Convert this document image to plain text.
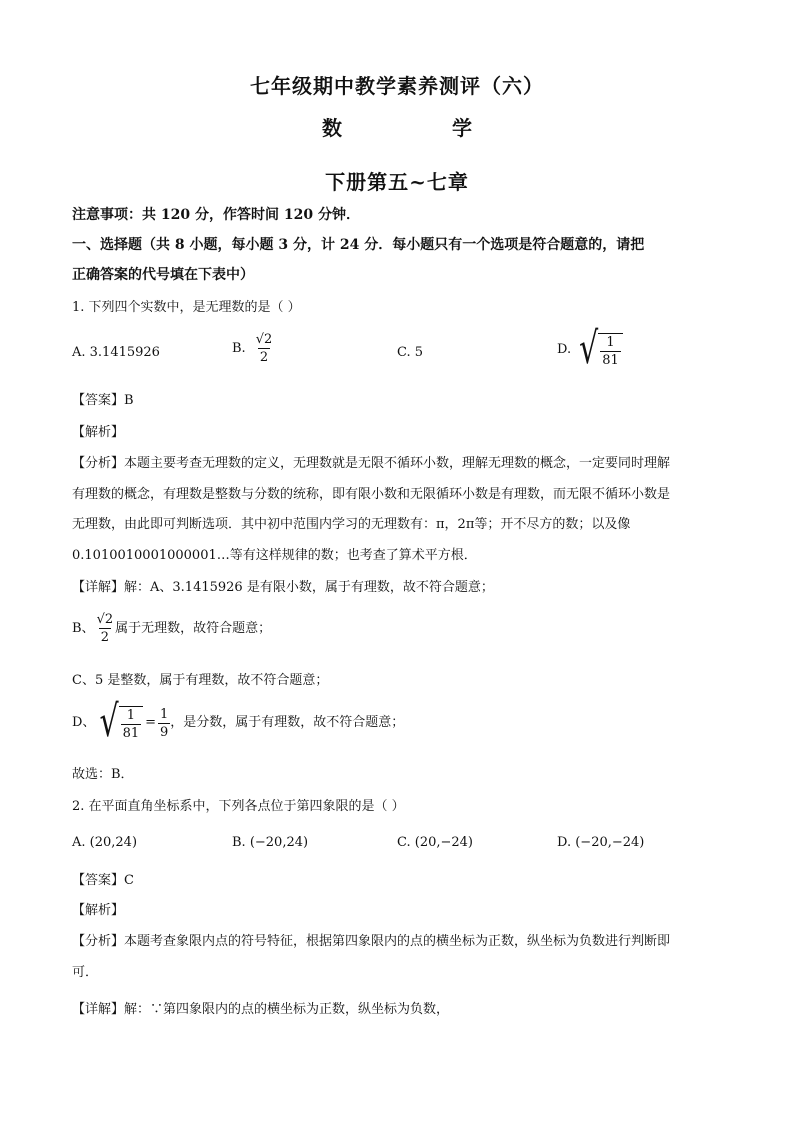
七年级期中教学素养测评（六）
数	学
下册第五~七章
注意事项：共 120 分，作答时间 120 分钟．
一、选择题（共 8 小题，每小题 3 分，计 24 分．每小题只有一个选项是符合题意的，请把
正确答案的代号填在下表中）
1. 下列四个实数中，是无理数的是（ ）
A. 3.1415926	B. $\frac{√2}{2}$	C. 5	D. √ $\frac{1}{81}$
【答案】B
【解析】
【分析】本题主要考查无理数的定义，无理数就是无限不循环小数，理解无理数的概念，一定要同时理解
有理数的概念，有理数是整数与分数的统称，即有限小数和无限循环小数是有理数，而无限不循环小数是
无理数，由此即可判断选项．其中初中范围内学习的无理数有：π，2π等；开不尽方的数；以及像
0.1010010001000001…等有这样规律的数；也考查了算术平方根．
【详解】解：A、3.1415926 是有限小数，属于有理数，故不符合题意；
B、 $\frac{√2}{2}$ 属于无理数，故符合题意；
C、5 是整数，属于有理数，故不符合题意；
D、 √ $\frac{1}{81} = \frac{1}{9}$ ，是分数，属于有理数，故不符合题意；
故选：B．
2. 在平面直角坐标系中，下列各点位于第四象限的是（ ）
A. (20,24)	B. (−20,24)	C. (20,−24)	D. (−20,−24)
【答案】C
【解析】
【分析】本题考查象限内点的符号特征，根据第四象限内的点的横坐标为正数，纵坐标为负数进行判断即
可．
【详解】解：∵第四象限内的点的横坐标为正数，纵坐标为负数，
